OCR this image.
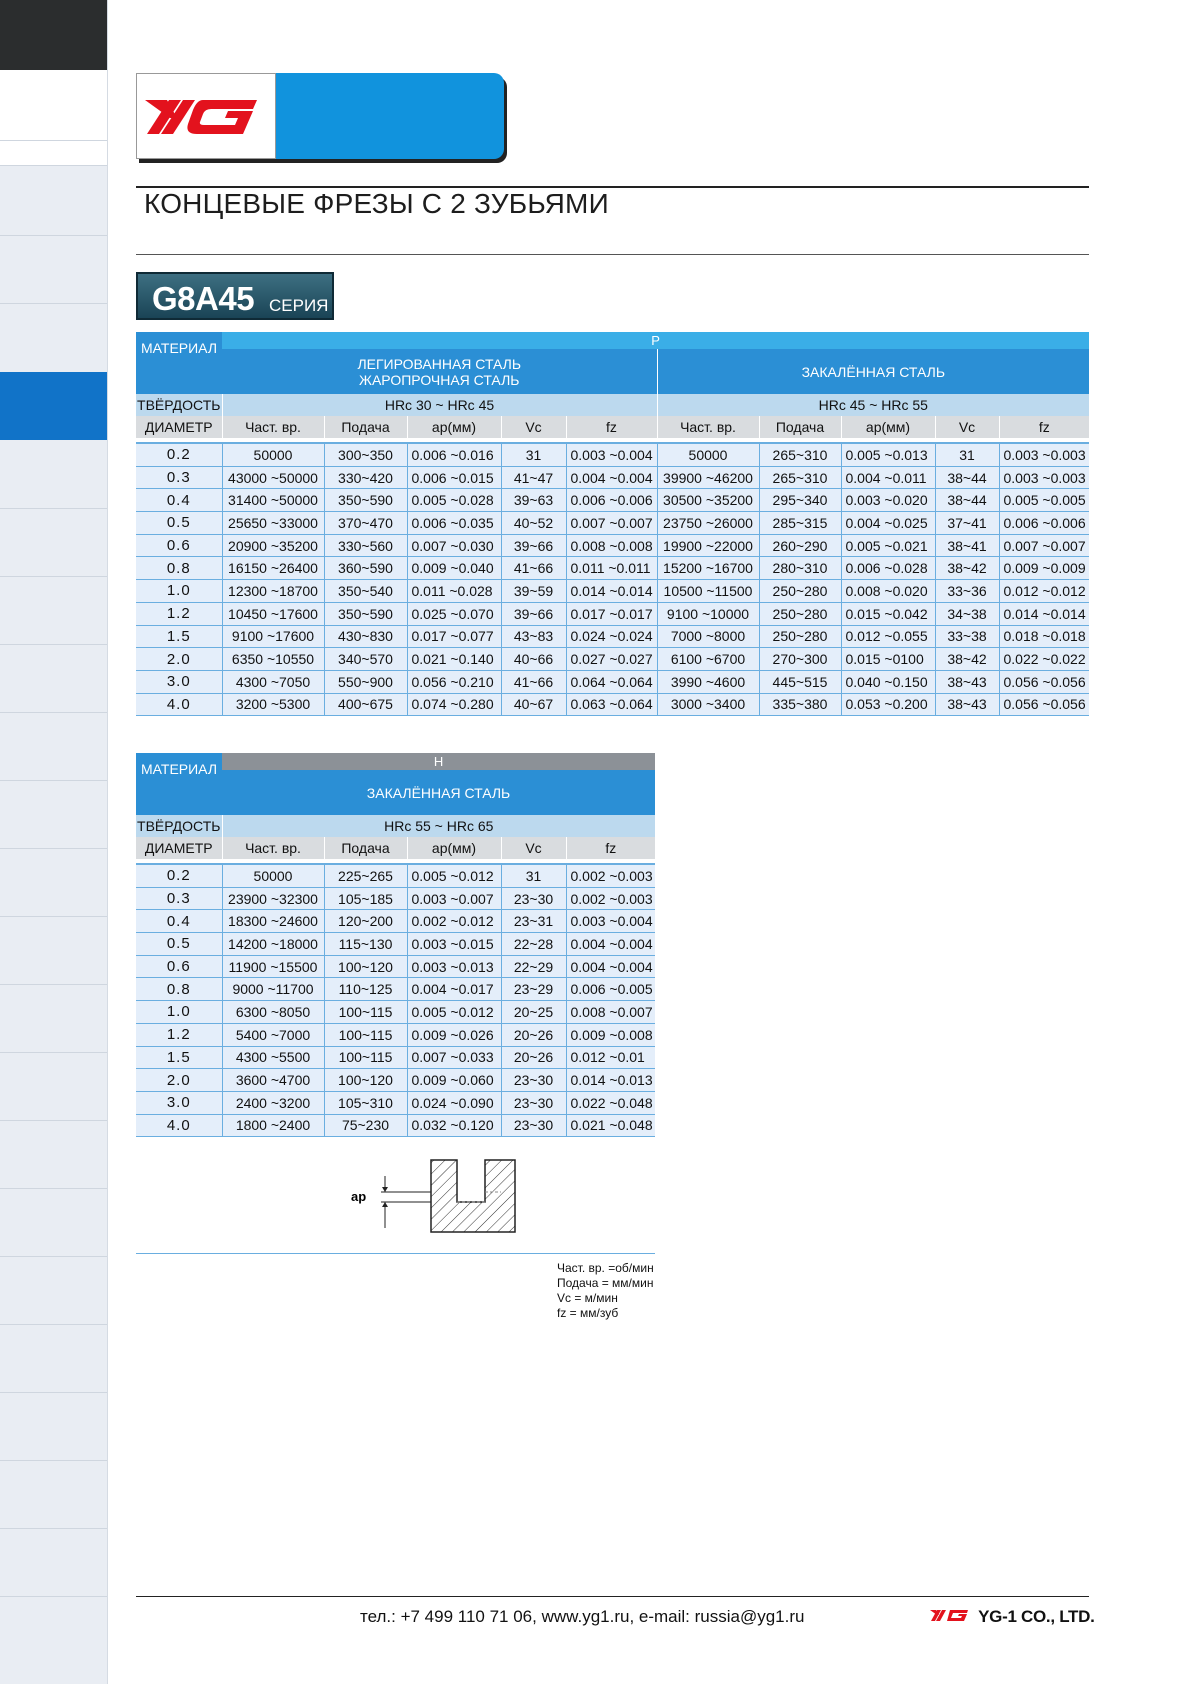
КОНЦЕВЫЕ ФРЕЗЫ С 2 ЗУБЬЯМИ
G8A45 СЕРИЯ
МАТЕРИАЛ	P									

	ЛЕГИРОВАННАЯ СТАЛЬ
ЖАРОПРОЧНАЯ СТАЛЬ					ЗАКАЛЁННАЯ СТАЛЬ				
ТВЁРДОСТЬ	HRc 30 ~ HRc 45					HRc 45 ~ HRc 55				
ДИАМЕТР	Част. вр.	Подача	ap(мм)	Vc	fz	Част. вр.	Подача	ap(мм)	Vc	fz

0.2	50000	300~350	0.006 ~0.016	31	0.003 ~0.004	50000	265~310	0.005 ~0.013	31	0.003 ~0.003
0.3	43000 ~50000	330~420	0.006 ~0.015	41~47	0.004 ~0.004	39900 ~46200	265~310	0.004 ~0.011	38~44	0.003 ~0.003
0.4	31400 ~50000	350~590	0.005 ~0.028	39~63	0.006 ~0.006	30500 ~35200	295~340	0.003 ~0.020	38~44	0.005 ~0.005
0.5	25650 ~33000	370~470	0.006 ~0.035	40~52	0.007 ~0.007	23750 ~26000	285~315	0.004 ~0.025	37~41	0.006 ~0.006
0.6	20900 ~35200	330~560	0.007 ~0.030	39~66	0.008 ~0.008	19900 ~22000	260~290	0.005 ~0.021	38~41	0.007 ~0.007
0.8	16150 ~26400	360~590	0.009 ~0.040	41~66	0.011 ~0.011	15200 ~16700	280~310	0.006 ~0.028	38~42	0.009 ~0.009
1.0	12300 ~18700	350~540	0.011 ~0.028	39~59	0.014 ~0.014	10500 ~11500	250~280	0.008 ~0.020	33~36	0.012 ~0.012
1.2	10450 ~17600	350~590	0.025 ~0.070	39~66	0.017 ~0.017	9100 ~10000	250~280	0.015 ~0.042	34~38	0.014 ~0.014
1.5	9100 ~17600	430~830	0.017 ~0.077	43~83	0.024 ~0.024	7000 ~8000	250~280	0.012 ~0.055	33~38	0.018 ~0.018
2.0	6350 ~10550	340~570	0.021 ~0.140	40~66	0.027 ~0.027	6100 ~6700	270~300	0.015 ~0100	38~42	0.022 ~0.022
3.0	4300 ~7050	550~900	0.056 ~0.210	41~66	0.064 ~0.064	3990 ~4600	445~515	0.040 ~0.150	38~43	0.056 ~0.056
4.0	3200 ~5300	400~675	0.074 ~0.280	40~67	0.063 ~0.064	3000 ~3400	335~380	0.053 ~0.200	38~43	0.056 ~0.056
МАТЕРИАЛ	H				
	ЗАКАЛЁННАЯ СТАЛЬ				
ТВЁРДОСТЬ	HRc 55 ~ HRc 65				
ДИАМЕТР	Част. вр.	Подача	ap(мм)	Vc	fz

0.2	50000	225~265	0.005 ~0.012	31	0.002 ~0.003
0.3	23900 ~32300	105~185	0.003 ~0.007	23~30	0.002 ~0.003
0.4	18300 ~24600	120~200	0.002 ~0.012	23~31	0.003 ~0.004
0.5	14200 ~18000	115~130	0.003 ~0.015	22~28	0.004 ~0.004
0.6	11900 ~15500	100~120	0.003 ~0.013	22~29	0.004 ~0.004
0.8	9000 ~11700	110~125	0.004 ~0.017	23~29	0.006 ~0.005
1.0	6300 ~8050	100~115	0.005 ~0.012	20~25	0.008 ~0.007
1.2	5400 ~7000	100~115	0.009 ~0.026	20~26	0.009 ~0.008
1.5	4300 ~5500	100~115	0.007 ~0.033	20~26	0.012 ~0.01
2.0	3600 ~4700	100~120	0.009 ~0.060	23~30	0.014 ~0.013
3.0	2400 ~3200	105~310	0.024 ~0.090	23~30	0.022 ~0.048
4.0	1800 ~2400	75~230	0.032 ~0.120	23~30	0.021 ~0.048
ap
Част. вр. =об/мин
Подача = мм/мин
Vc = м/мин
fz = мм/зуб
тел.: +7 499 110 71 06, www.yg1.ru, e-mail: russia@yg1.ru	YG-1 CO., LTD.
